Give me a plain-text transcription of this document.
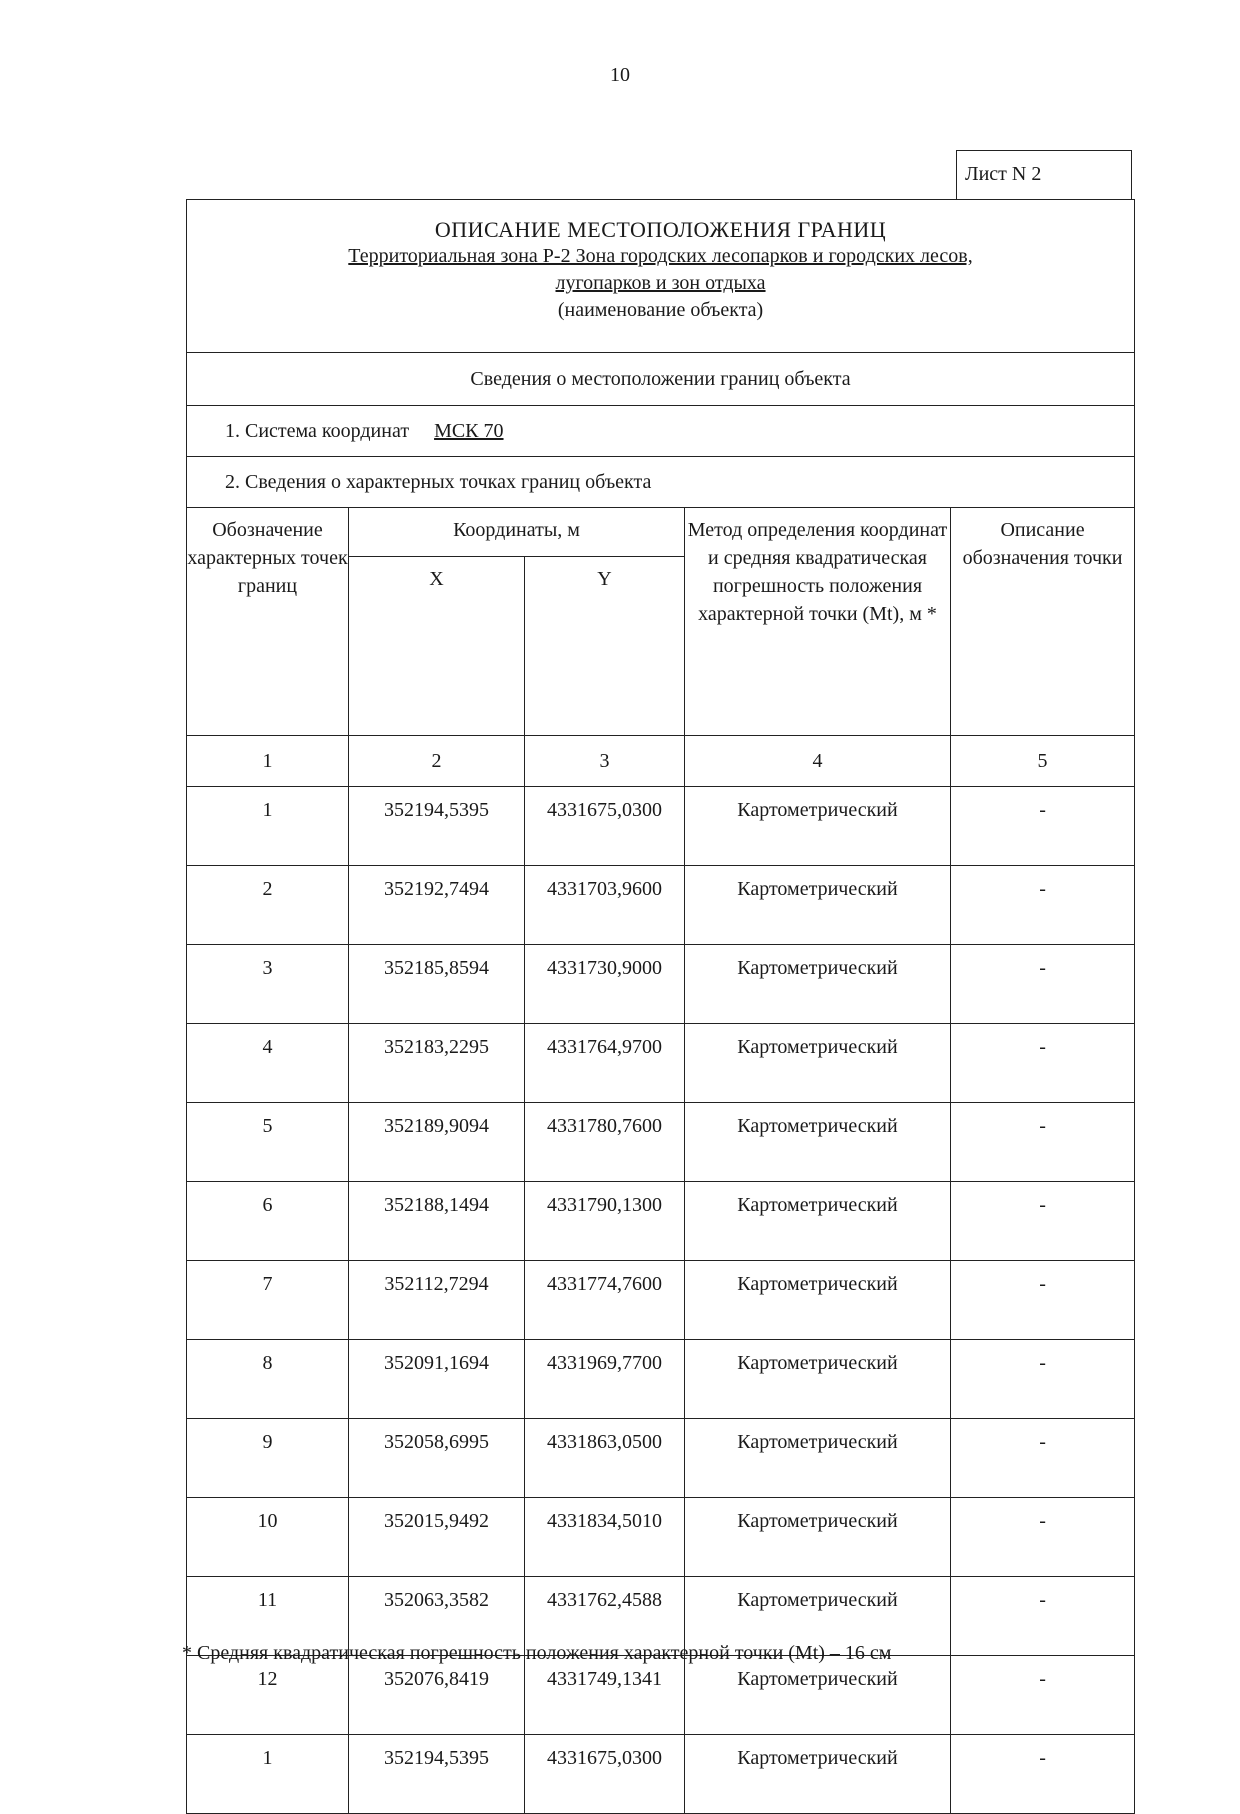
10
Лист N 2
ОПИСАНИЕ МЕСТОПОЛОЖЕНИЯ ГРАНИЦ
Территориальная зона Р-2 Зона городских лесопарков и городских лесов,
лугопарков и зон отдыха
(наименование объекта)				

Сведения о местоположении границ объекта				
1. Система координат МСК 70				
2. Сведения о характерных точках границ объекта				
Обозначение характерных точек границ	Координаты, м		Метод определения координат и средняя квадратическая погрешность положения характерной точки (Mt), м *	Описание обозначения точки
	X	Y		
1	2	3	4	5
1	352194,5395	4331675,0300	Картометрический	-
2	352192,7494	4331703,9600	Картометрический	-
3	352185,8594	4331730,9000	Картометрический	-
4	352183,2295	4331764,9700	Картометрический	-
5	352189,9094	4331780,7600	Картометрический	-
6	352188,1494	4331790,1300	Картометрический	-
7	352112,7294	4331774,7600	Картометрический	-
8	352091,1694	4331969,7700	Картометрический	-
9	352058,6995	4331863,0500	Картометрический	-
10	352015,9492	4331834,5010	Картометрический	-
11	352063,3582	4331762,4588	Картометрический	-
12	352076,8419	4331749,1341	Картометрический	-
1	352194,5395	4331675,0300	Картометрический	-
* Средняя квадратическая погрешность положения характерной точки (Mt) – 16 см
